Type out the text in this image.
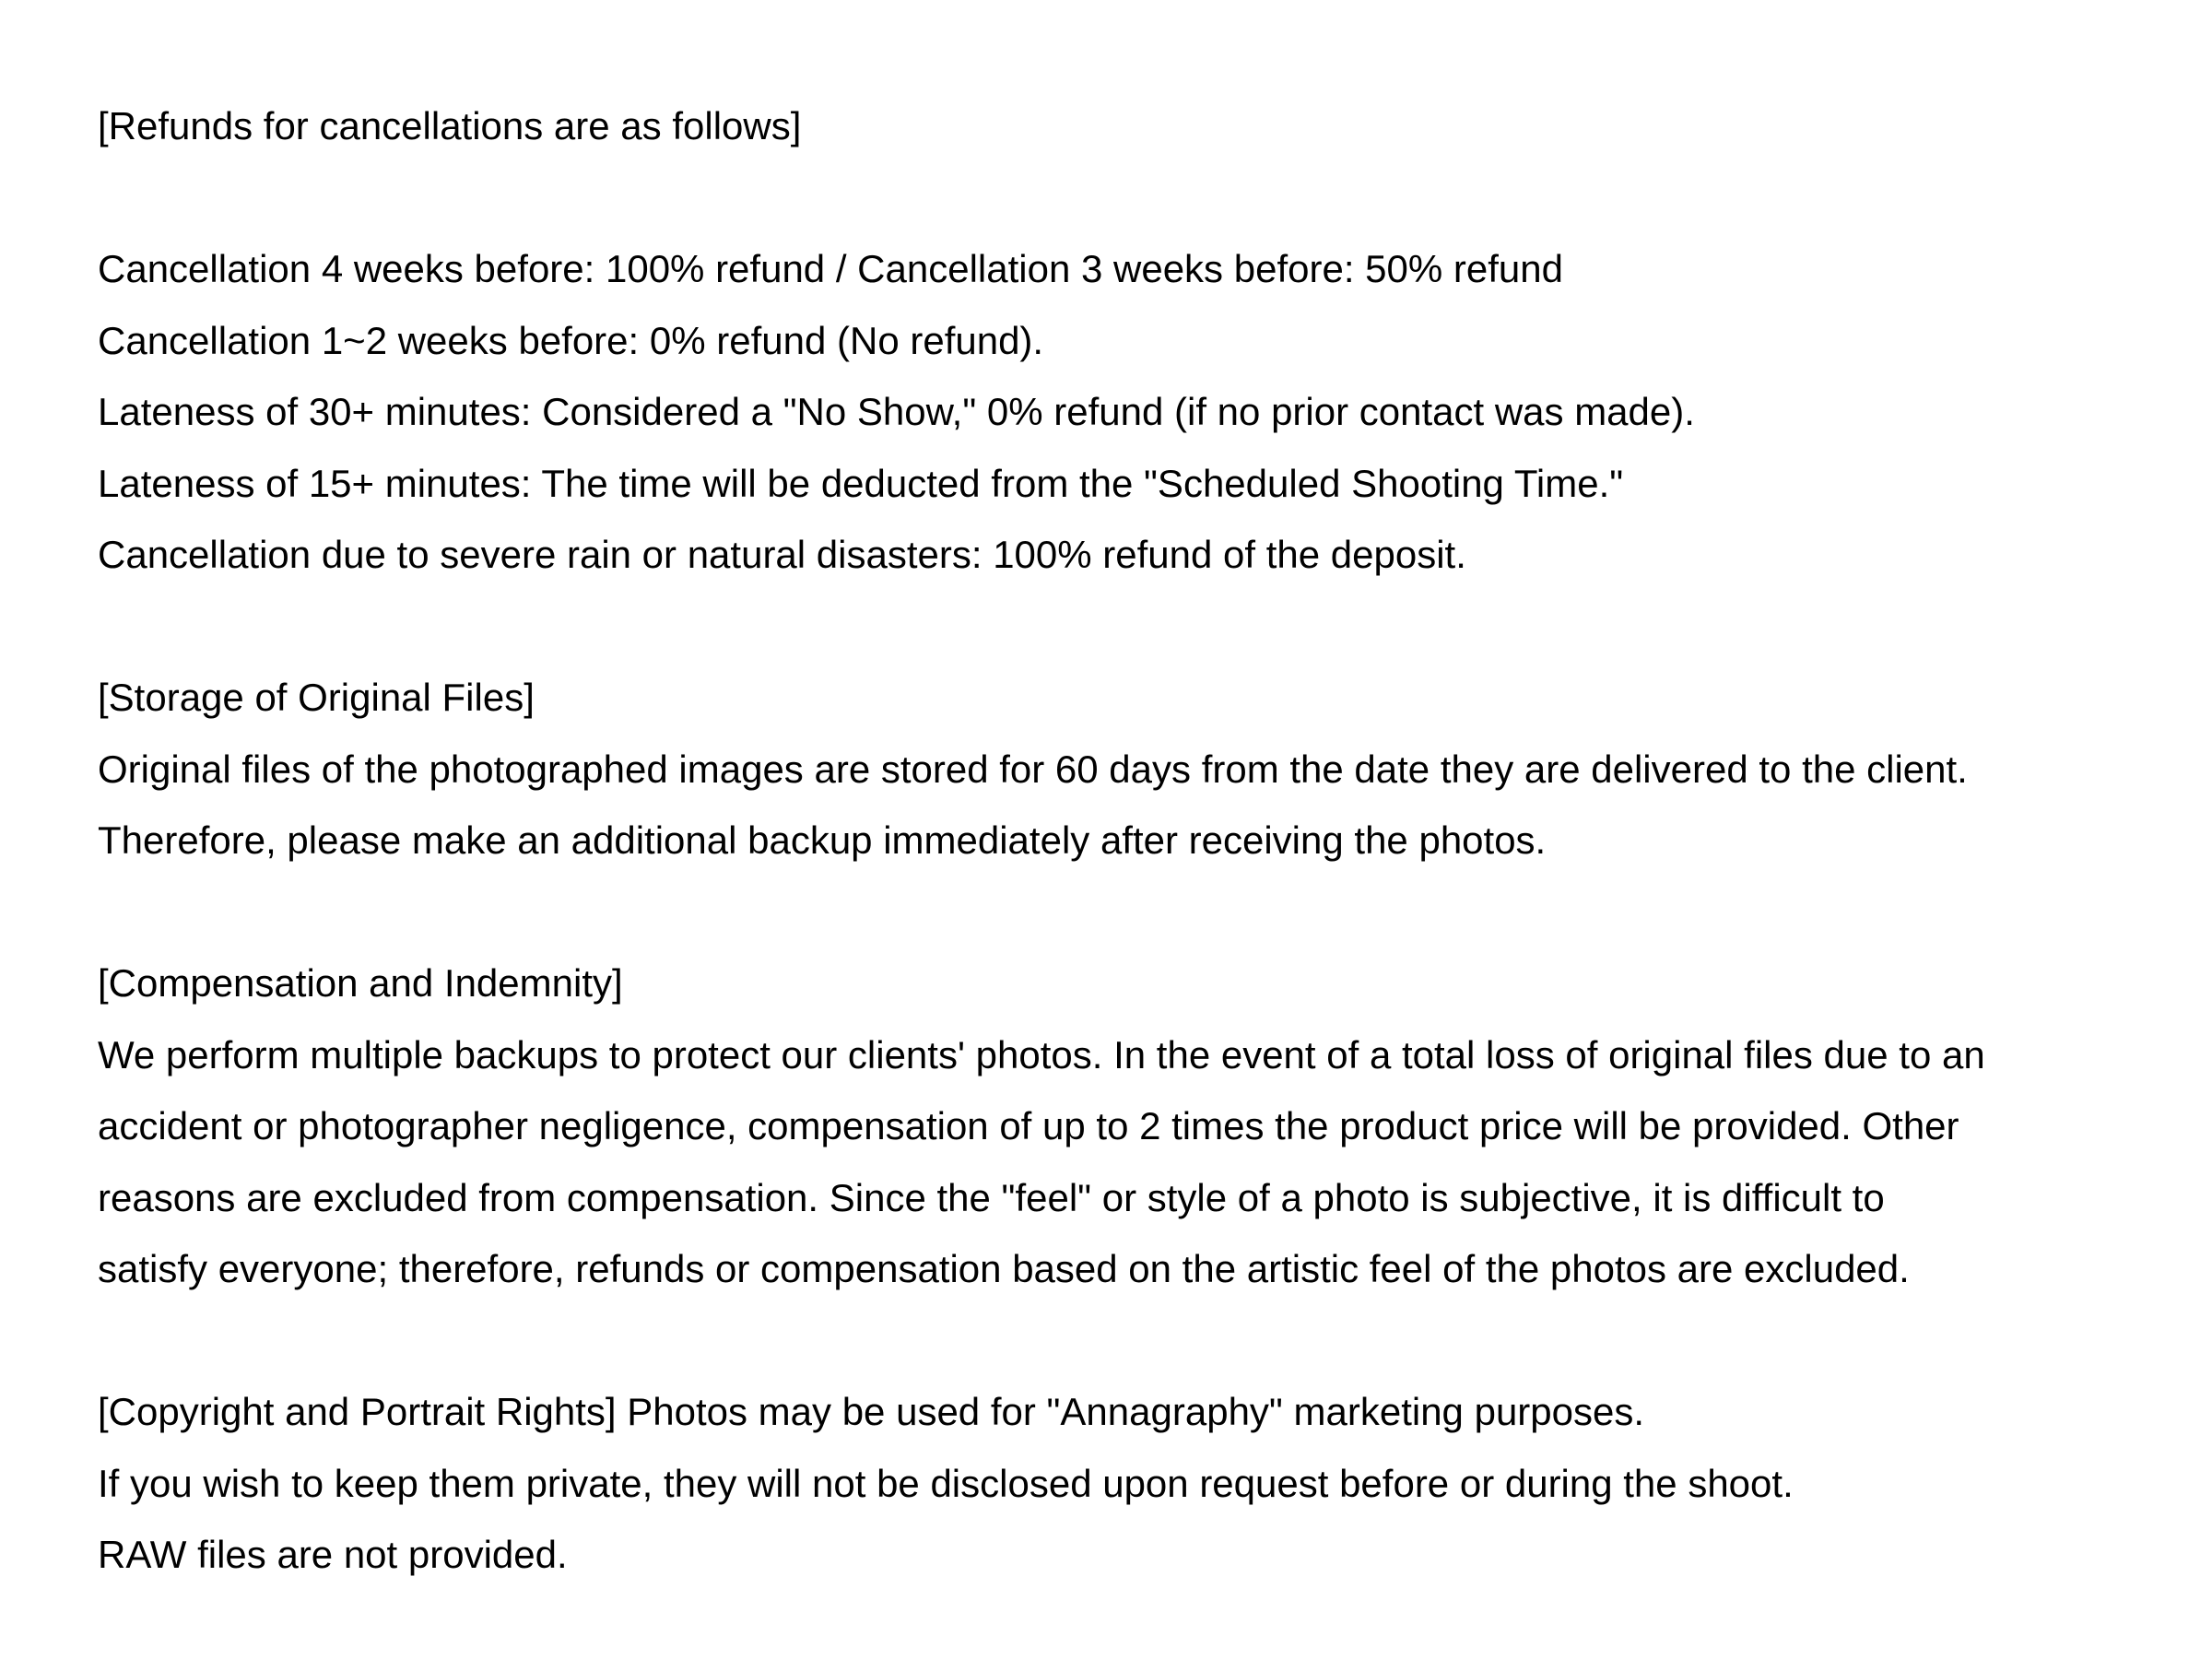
[Refunds for cancellations are as follows]
Cancellation 4 weeks before: 100% refund / Cancellation 3 weeks before: 50% refund
Cancellation 1~2 weeks before: 0% refund (No refund).
Lateness of 30+ minutes: Considered a "No Show," 0% refund (if no prior contact was made).
Lateness of 15+ minutes: The time will be deducted from the "Scheduled Shooting Time."
Cancellation due to severe rain or natural disasters: 100% refund of the deposit.
[Storage of Original Files]
Original files of the photographed images are stored for 60 days from the date they are delivered to the client.
Therefore, please make an additional backup immediately after receiving the photos.
[Compensation and Indemnity]
We perform multiple backups to protect our clients' photos. In the event of a total loss of original files due to an
accident or photographer negligence, compensation of up to 2 times the product price will be provided. Other
reasons are excluded from compensation. Since the "feel" or style of a photo is subjective, it is difficult to
satisfy everyone; therefore, refunds or compensation based on the artistic feel of the photos are excluded.
[Copyright and Portrait Rights] Photos may be used for "Annagraphy" marketing purposes.
If you wish to keep them private, they will not be disclosed upon request before or during the shoot.
RAW files are not provided.
